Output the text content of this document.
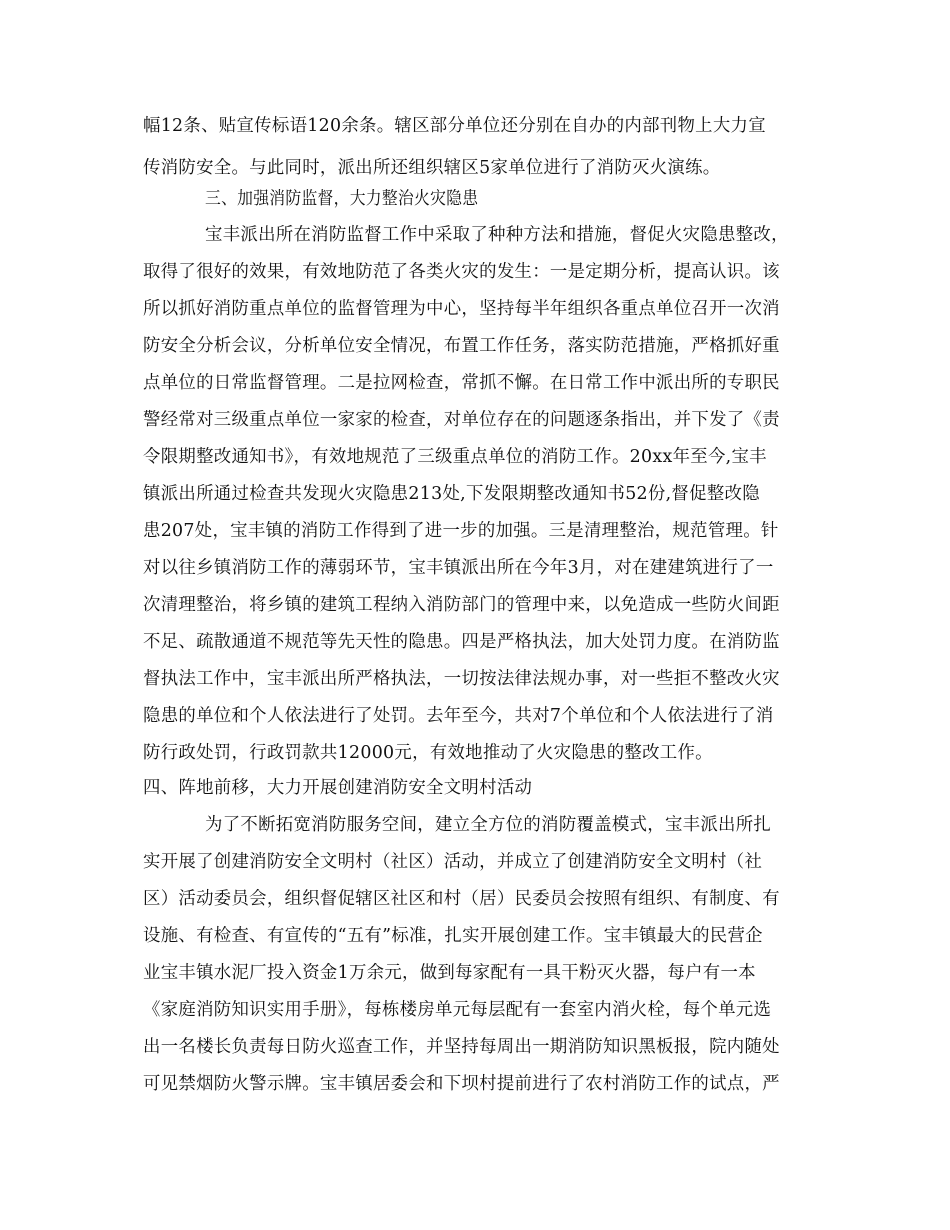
幅12条、贴宣传标语120余条。辖区部分单位还分别在自办的内部刊物上大力宣
传消防安全。与此同时，派出所还组织辖区5家单位进行了消防灭火演练。
三、加强消防监督，大力整治火灾隐患
宝丰派出所在消防监督工作中采取了种种方法和措施，督促火灾隐患整改，
取得了很好的效果，有效地防范了各类火灾的发生：一是定期分析，提高认识。该
所以抓好消防重点单位的监督管理为中心，坚持每半年组织各重点单位召开一次消
防安全分析会议，分析单位安全情况，布置工作任务，落实防范措施，严格抓好重
点单位的日常监督管理。二是拉网检查，常抓不懈。在日常工作中派出所的专职民
警经常对三级重点单位一家家的检查，对单位存在的问题逐条指出，并下发了《责
令限期整改通知书》，有效地规范了三级重点单位的消防工作。20xx年至今,宝丰
镇派出所通过检查共发现火灾隐患213处,下发限期整改通知书52份,督促整改隐
患207处，宝丰镇的消防工作得到了进一步的加强。三是清理整治，规范管理。针
对以往乡镇消防工作的薄弱环节，宝丰镇派出所在今年3月，对在建建筑进行了一
次清理整治，将乡镇的建筑工程纳入消防部门的管理中来，以免造成一些防火间距
不足、疏散通道不规范等先天性的隐患。四是严格执法，加大处罚力度。在消防监
督执法工作中，宝丰派出所严格执法，一切按法律法规办事，对一些拒不整改火灾
隐患的单位和个人依法进行了处罚。去年至今，共对7个单位和个人依法进行了消
防行政处罚，行政罚款共12000元，有效地推动了火灾隐患的整改工作。
四、阵地前移，大力开展创建消防安全文明村活动
为了不断拓宽消防服务空间，建立全方位的消防覆盖模式，宝丰派出所扎
实开展了创建消防安全文明村（社区）活动，并成立了创建消防安全文明村（社
区）活动委员会，组织督促辖区社区和村（居）民委员会按照有组织、有制度、有
设施、有检查、有宣传的“五有”标准，扎实开展创建工作。宝丰镇最大的民营企
业宝丰镇水泥厂投入资金1万余元，做到每家配有一具干粉灭火器，每户有一本
《家庭消防知识实用手册》，每栋楼房单元每层配有一套室内消火栓，每个单元选
出一名楼长负责每日防火巡查工作，并坚持每周出一期消防知识黑板报，院内随处
可见禁烟防火警示牌。宝丰镇居委会和下坝村提前进行了农村消防工作的试点，严
